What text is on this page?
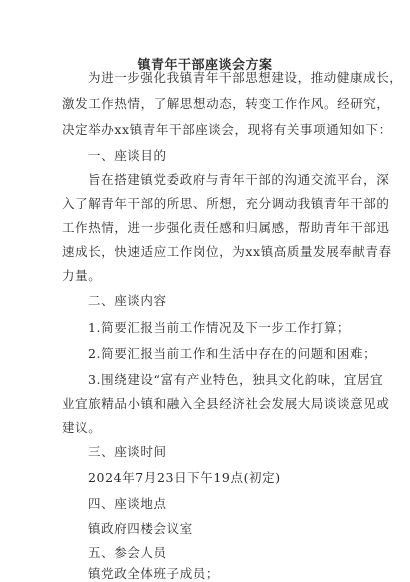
镇青年干部座谈会方案
为进一步强化我镇青年干部思想建设，推动健康成长，
激发工作热情，了解思想动态，转变工作作风。经研究，
决定举办xx镇青年干部座谈会，现将有关事项通知如下：
一、座谈目的
旨在搭建镇党委政府与青年干部的沟通交流平台，深
入了解青年干部的所思、所想，充分调动我镇青年干部的
工作热情，进一步强化责任感和归属感，帮助青年干部迅
速成长，快速适应工作岗位，为xx镇高质量发展奉献青春
力量。
二、座谈内容
1.简要汇报当前工作情况及下一步工作打算；
2.简要汇报当前工作和生活中存在的问题和困难；
3.围绕建设“富有产业特色，独具文化韵味，宜居宜
业宜旅精品小镇和融入全县经济社会发展大局谈谈意见或
建议。
三、座谈时间
2024年7月23日下午19点(初定)
四、座谈地点
镇政府四楼会议室
五、参会人员
镇党政全体班子成员；
